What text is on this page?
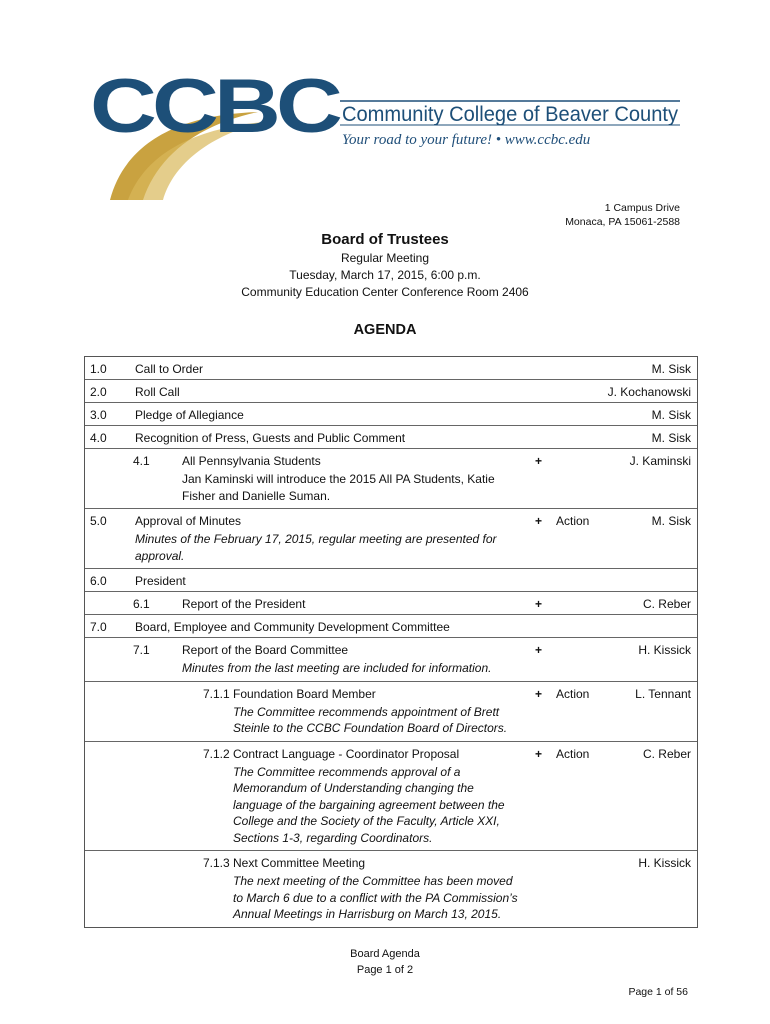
CCBC Community College of Beaver County
Your road to your future! • www.ccbc.edu
1 Campus Drive
Monaca, PA 15061-2588
Board of Trustees
Regular Meeting
Tuesday, March 17, 2015, 6:00 p.m.
Community Education Center Conference Room 2406
AGENDA
1.0 Call to Order	M. Sisk
2.0 Roll Call	J. Kochanowski
3.0 Pledge of Allegiance	M. Sisk
4.0 Recognition of Press, Guests and Public Comment	M. Sisk
4.1	All Pennsylvania Students	+	J. Kaminski
Jan Kaminski will introduce the 2015 All PA Students, Katie
Fisher and Danielle Suman.
5.0 Approval of Minutes	+ Action	M. Sisk
Minutes of the February 17, 2015, regular meeting are presented for
approval.
6.0 President
6.1	Report of the President	+	C. Reber
7.0 Board, Employee and Community Development Committee
7.1	Report of the Board Committee	+	H. Kissick
Minutes from the last meeting are included for information.
7.1.1 Foundation Board Member	+ Action	L. Tennant
The Committee recommends appointment of Brett
Steinle to the CCBC Foundation Board of Directors.
7.1.2 Contract Language - Coordinator Proposal	+ Action	C. Reber
The Committee recommends approval of a
Memorandum of Understanding changing the
language of the bargaining agreement between the
College and the Society of the Faculty, Article XXI,
Sections 1-3, regarding Coordinators.
7.1.3 Next Committee Meeting	H. Kissick
The next meeting of the Committee has been moved
to March 6 due to a conflict with the PA Commission’s
Annual Meetings in Harrisburg on March 13, 2015.
Board Agenda
Page 1 of 2
Page 1 of 56
